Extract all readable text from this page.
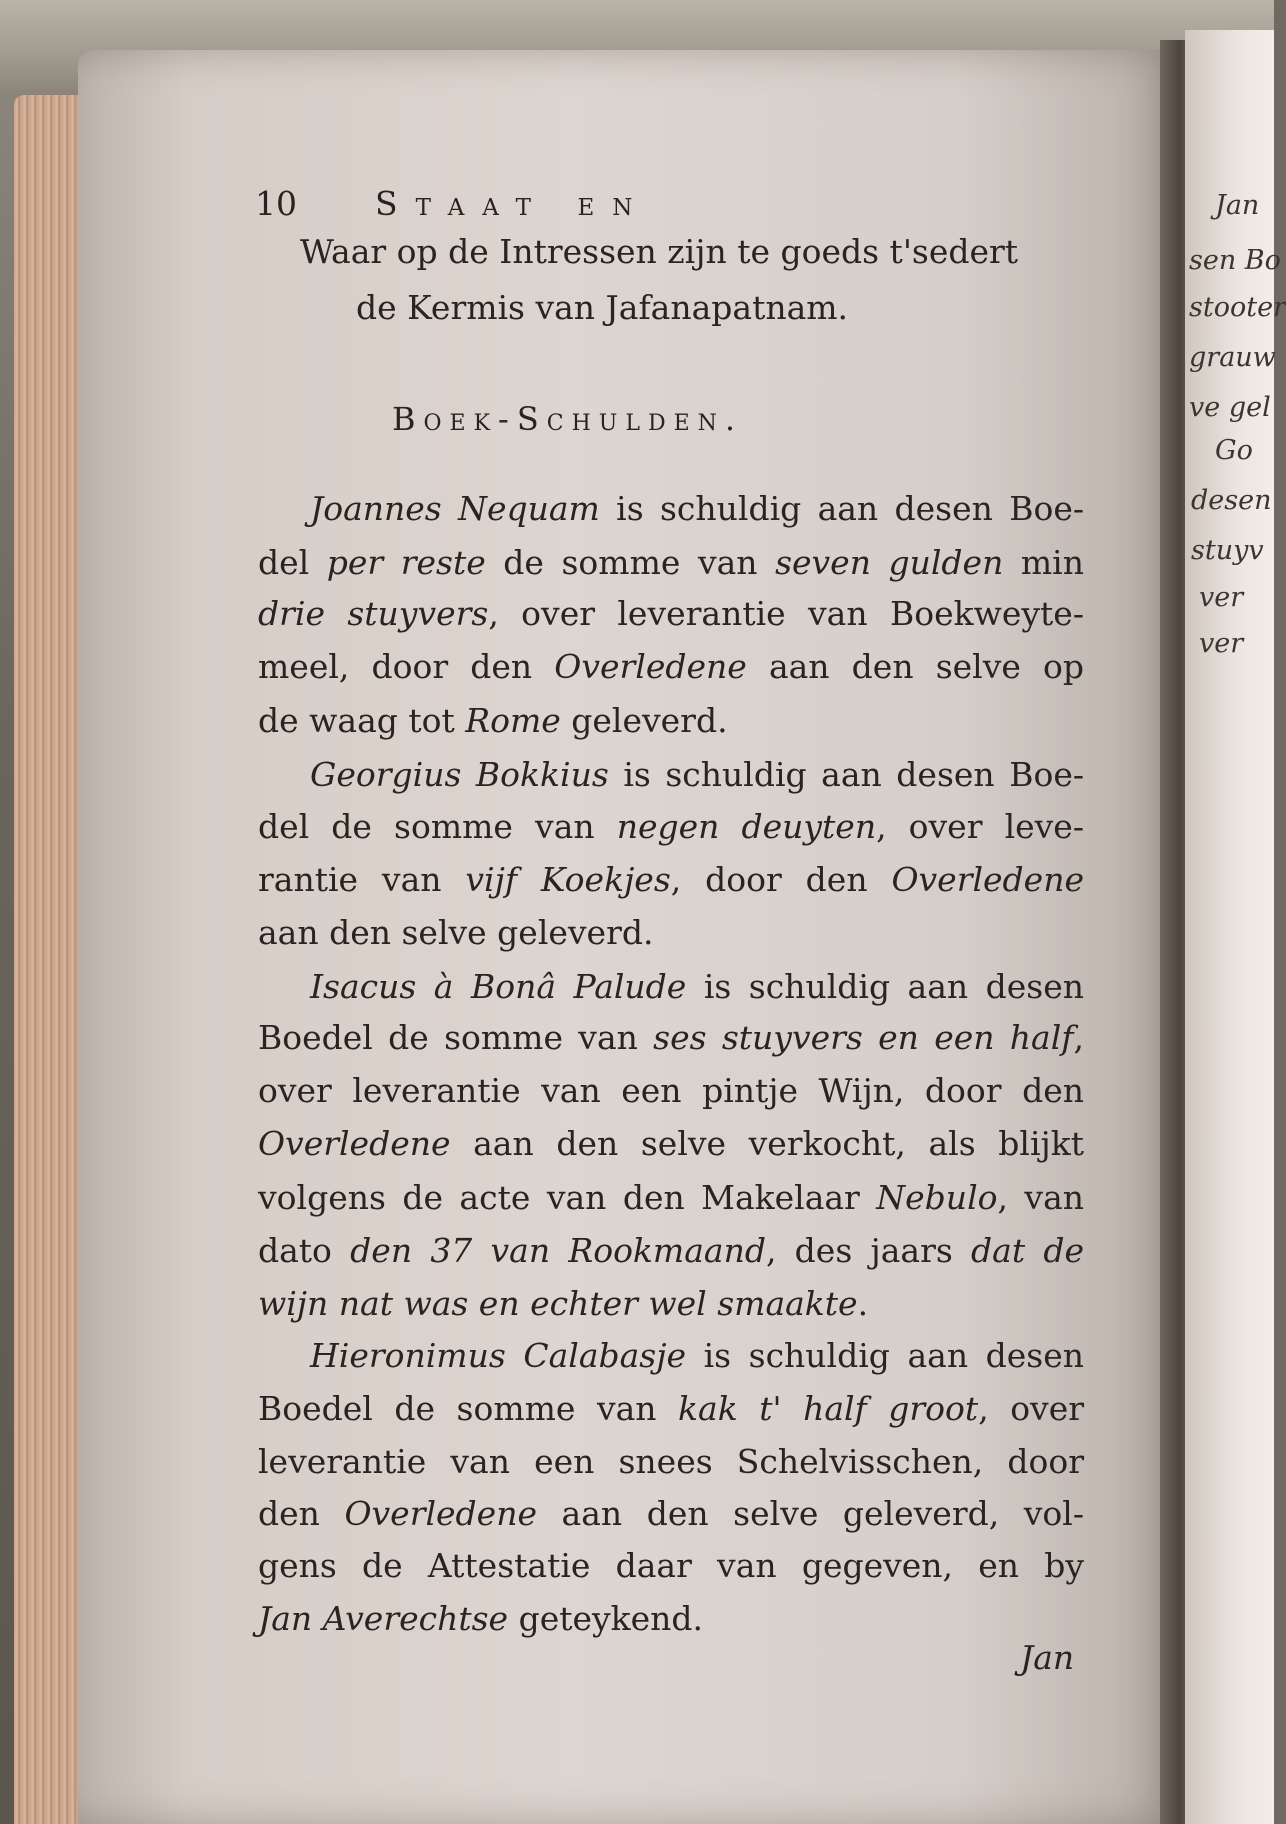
Jan
sen Bo
stooter
grauw
ve gel
Go
desen
stuyv
ver
ver
10	Staat en
Waar op de Intressen zijn te goeds t'sedert
de Kermis van Jafanapatnam.
Boek-Schulden.
Joannes Nequam is schuldig aan desen Boe-
del per reste de somme van seven gulden min
drie stuyvers, over leverantie van Boekweyte-
meel, door den Overledene aan den selve op
de waag tot Rome geleverd.
Georgius Bokkius is schuldig aan desen Boe-
del de somme van negen deuyten, over leve-
rantie van vijf Koekjes, door den Overledene
aan den selve geleverd.
Isacus à Bonâ Palude is schuldig aan desen
Boedel de somme van ses stuyvers en een half,
over leverantie van een pintje Wijn, door den
Overledene aan den selve verkocht, als blijkt
volgens de acte van den Makelaar Nebulo, van
dato den 37 van Rookmaand, des jaars dat de
wijn nat was en echter wel smaakte.
Hieronimus Calabasje is schuldig aan desen
Boedel de somme van kak t' half groot, over
leverantie van een snees Schelvisschen, door
den Overledene aan den selve geleverd, vol-
gens de Attestatie daar van gegeven, en by
Jan Averechtse geteykend.
Jan
